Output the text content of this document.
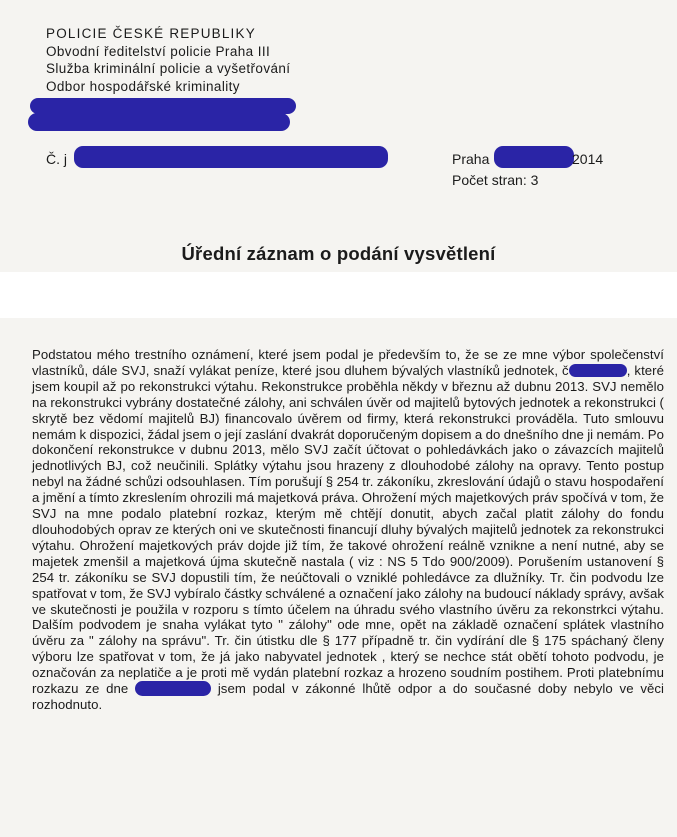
POLICIE ČESKÉ REPUBLIKY
Obvodní ředitelství policie Praha III
Služba kriminální policie a vyšetřování
Odbor hospodářské kriminality
Č. j	Praha	2014
Počet stran: 3
Úřední záznam o podání vysvětlení

Podstatou mého trestního oznámení, které jsem podal je především to, že se ze mne výbor společenství vlastníků, dále SVJ, snaží vylákat peníze, které jsou dluhem bývalých vlastníků jednotek, č	, které jsem koupil až po rekonstrukci výtahu. Rekonstrukce proběhla někdy v březnu až dubnu 2013. SVJ nemělo na rekonstrukci vybrány dostatečné zálohy, ani schválen úvěr od majitelů bytových jednotek a rekonstrukci ( skrytě bez vědomí majitelů BJ) financovalo úvěrem od firmy, která rekonstrukci prováděla. Tuto smlouvu nemám k dispozici, žádal jsem o její zaslání dvakrát doporučeným dopisem a do dnešního dne ji nemám. Po dokončení rekonstrukce v dubnu 2013, mělo SVJ začít účtovat o pohledávkách jako o závazcích majitelů jednotlivých BJ, což neučinili. Splátky výtahu jsou hrazeny z dlouhodobé zálohy na opravy. Tento postup nebyl na žádné schůzi odsouhlasen. Tím porušují § 254 tr. zákoníku, zkreslování údajů o stavu hospodaření a jmění a tímto zkreslením ohrozili má majetková práva. Ohrožení mých majetkových práv spočívá v tom, že SVJ na mne podalo platební rozkaz, kterým mě chtějí donutit, abych začal platit zálohy do fondu dlouhodobých oprav ze kterých oni ve skutečnosti financují dluhy bývalých majitelů jednotek za rekonstrukci výtahu. Ohrožení majetkových práv dojde již tím, že takové ohrožení reálně vznikne a není nutné, aby se majetek zmenšil a majetková újma skutečně nastala ( viz : NS 5 Tdo 900/2009). Porušením ustanovení § 254 tr. zákoníku se SVJ dopustili tím, že neúčtovali o vzniklé pohledávce za dlužníky. Tr. čin podvodu lze spatřovat v tom, že SVJ vybíralo částky schválené a označení jako zálohy na budoucí náklady správy, avšak ve skutečnosti je použila v rozporu s tímto účelem na úhradu svého vlastního úvěru za rekonstrkci výtahu. Dalším podvodem je snaha vylákat tyto " zálohy" ode mne, opět na základě označení splátek vlastního úvěru za " zálohy na správu". Tr. čin útistku dle § 177 případně tr. čin vydírání dle § 175 spáchaný členy výboru lze spatřovat v tom, že já jako nabyvatel jednotek , který se nechce stát obětí tohoto podvodu, je označován za neplatiče a je proti mě vydán platební rozkaz a hrozeno soudním postihem. Proti platebnímu rozkazu ze dne	jsem podal v zákonné lhůtě odpor a do současné doby nebylo ve věci rozhodnuto.
